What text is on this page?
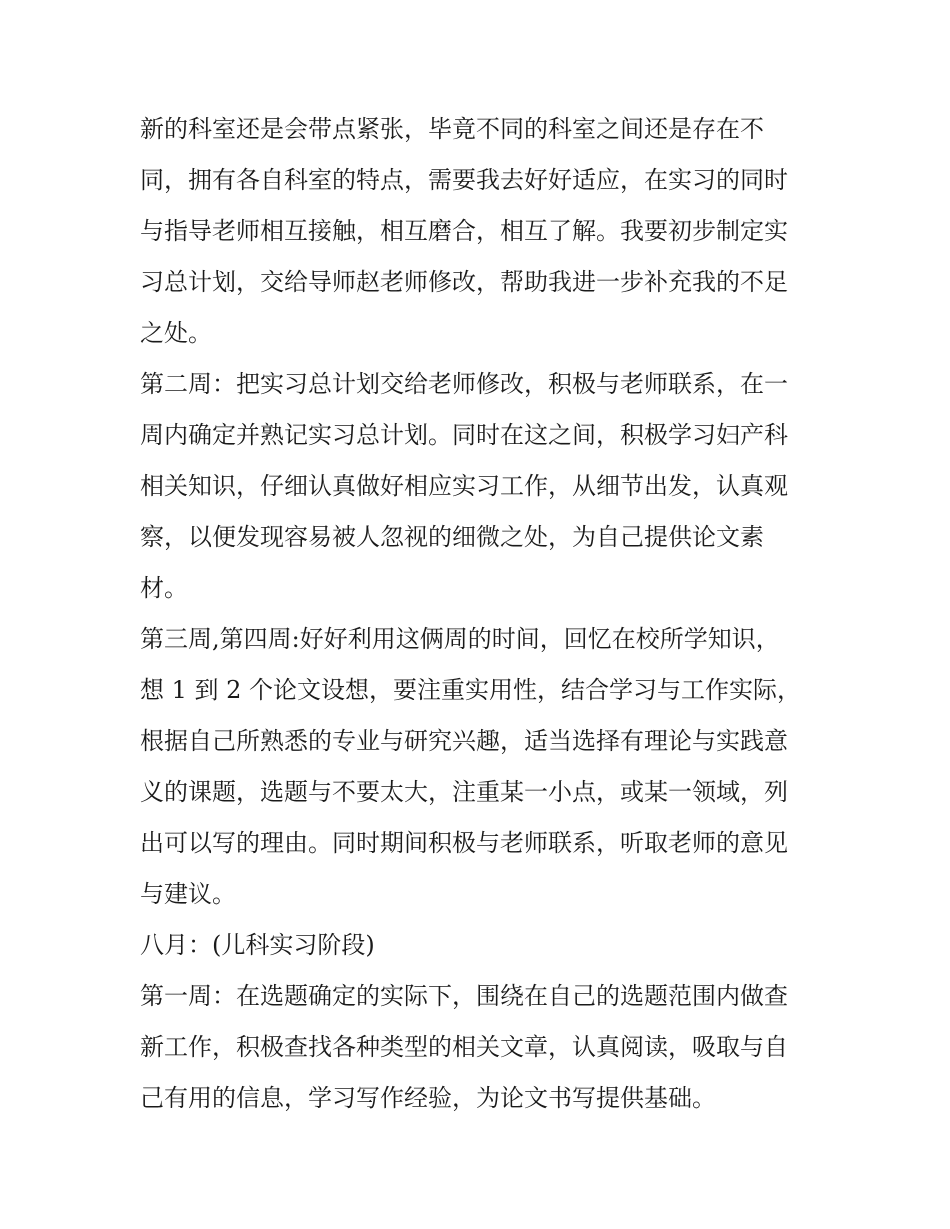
新的科室还是会带点紧张，毕竟不同的科室之间还是存在不
同，拥有各自科室的特点，需要我去好好适应，在实习的同时
与指导老师相互接触，相互磨合，相互了解。我要初步制定实
习总计划，交给导师赵老师修改，帮助我进一步补充我的不足
之处。
第二周：把实习总计划交给老师修改，积极与老师联系，在一
周内确定并熟记实习总计划。同时在这之间，积极学习妇产科
相关知识，仔细认真做好相应实习工作，从细节出发，认真观
察，以便发现容易被人忽视的细微之处，为自己提供论文素
材。
第三周,第四周:好好利用这俩周的时间，回忆在校所学知识，
想 1 到 2 个论文设想，要注重实用性，结合学习与工作实际，
根据自己所熟悉的专业与研究兴趣，适当选择有理论与实践意
义的课题，选题与不要太大，注重某一小点，或某一领域，列
出可以写的理由。同时期间积极与老师联系，听取老师的意见
与建议。
八月：(儿科实习阶段)
第一周：在选题确定的实际下，围绕在自己的选题范围内做查
新工作，积极查找各种类型的相关文章，认真阅读，吸取与自
己有用的信息，学习写作经验，为论文书写提供基础。
